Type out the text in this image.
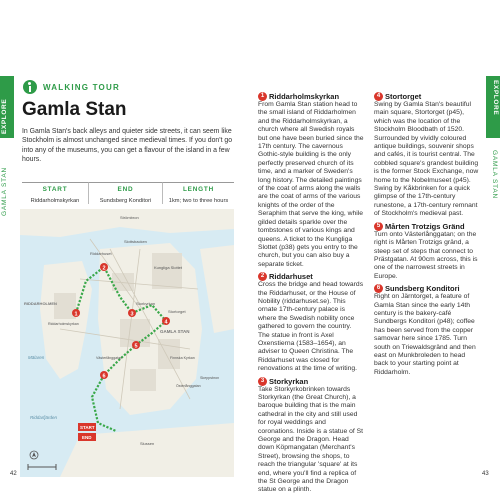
EXPLORE
GAMLA STAN
EXPLORE
GAMLA STAN
WALKING TOUR
Gamla Stan

In Gamla Stan's back alleys and quieter side streets, it can seem like Stockholm is almost unchanged since medieval times. If you don't go into any of the museums, you can get a flavour of the island in a few hours.

START
Riddarholmskyrkan
END
Sundsberg Konditori
LENGTH
1km; two to three hours
1
2
3
4
5
6
Strömbron
Slottsbacken
Kungliga Slottet
Riddarhuset
Storkyrkan
Stortorget
GAMLA STAN
RIDDARHOLMEN
Riddarholmskyrkan
Mälaren
Riddarfjärden
Västerlånggatan
START
END
Finnska Kyrkan
Skeppsbron
Österlånggatan
Slussen
42	43
1 Riddarholmskyrkan

From Gamla Stan station head to the small island of Riddarholmen and the Riddarholmskyrkan, a church where all Swedish royals but one have been buried since the 17th century. The cavernous Gothic-style building is the only perfectly preserved church of its time, and a marker of Sweden's long history. The detailed paintings of the coat of arms along the walls are the coat of arms of the various knights of the order of the Seraphim that serve the king, while gilded details sparkle over the tombstones of various kings and queens. A ticket to the Kungliga Slottet (p38) gets you entry to the church, but you can also buy a separate ticket.

2 Riddarhuset

Cross the bridge and head towards the Riddarhuset, or the House of Nobility (riddarhuset.se). This ornate 17th-century palace is where the Swedish nobility once gathered to govern the country. The statue in front is Axel Oxenstierna (1583–1654), an adviser to Queen Christina. The Riddarhuset was closed for renovations at the time of writing.

3 Storkyrkan

Take Storkyrkobrinken towards Storkyrkan (the Great Church), a baroque building that is the main cathedral in the city and still used for royal weddings and coronations. Inside is a statue of St George and the Dragon. Head down Köpmangatan (Merchant's Street), browsing the shops, to reach the triangular 'square' at its end, where you'll find a replica of the St George and the Dragon statue on a plinth.

4 Stortorget

Swing by Gamla Stan's beautiful main square, Stortorget (p45), which was the location of the Stockholm Bloodbath of 1520. Surrounded by vividly coloured antique buildings, souvenir shops and cafés, it is tourist central. The cobbled square's grandest building is the former Stock Exchange, now home to the Nobelmuseet (p45). Swing by Kåkbrinken for a quick glimpse of the 17th-century runestone, a 17th-century remnant of Stockholm's medieval past.

5 Mårten Trotzigs Gränd

Turn onto Västerlånggatan; on the right is Mårten Trotzigs gränd, a steep set of steps that connect to Prästgatan. At 90cm across, this is one of the narrowest streets in Europe.

6 Sundsberg Konditori

Right on Järntorget, a feature of Gamla Stan since the early 14th century is the bakery-café Sundbergs Konditori (p48); coffee has been served from the copper samovar here since 1785. Turn south on Triewaldsgränd and then east on Munkbroleden to head back to your starting point at Riddarholm.
